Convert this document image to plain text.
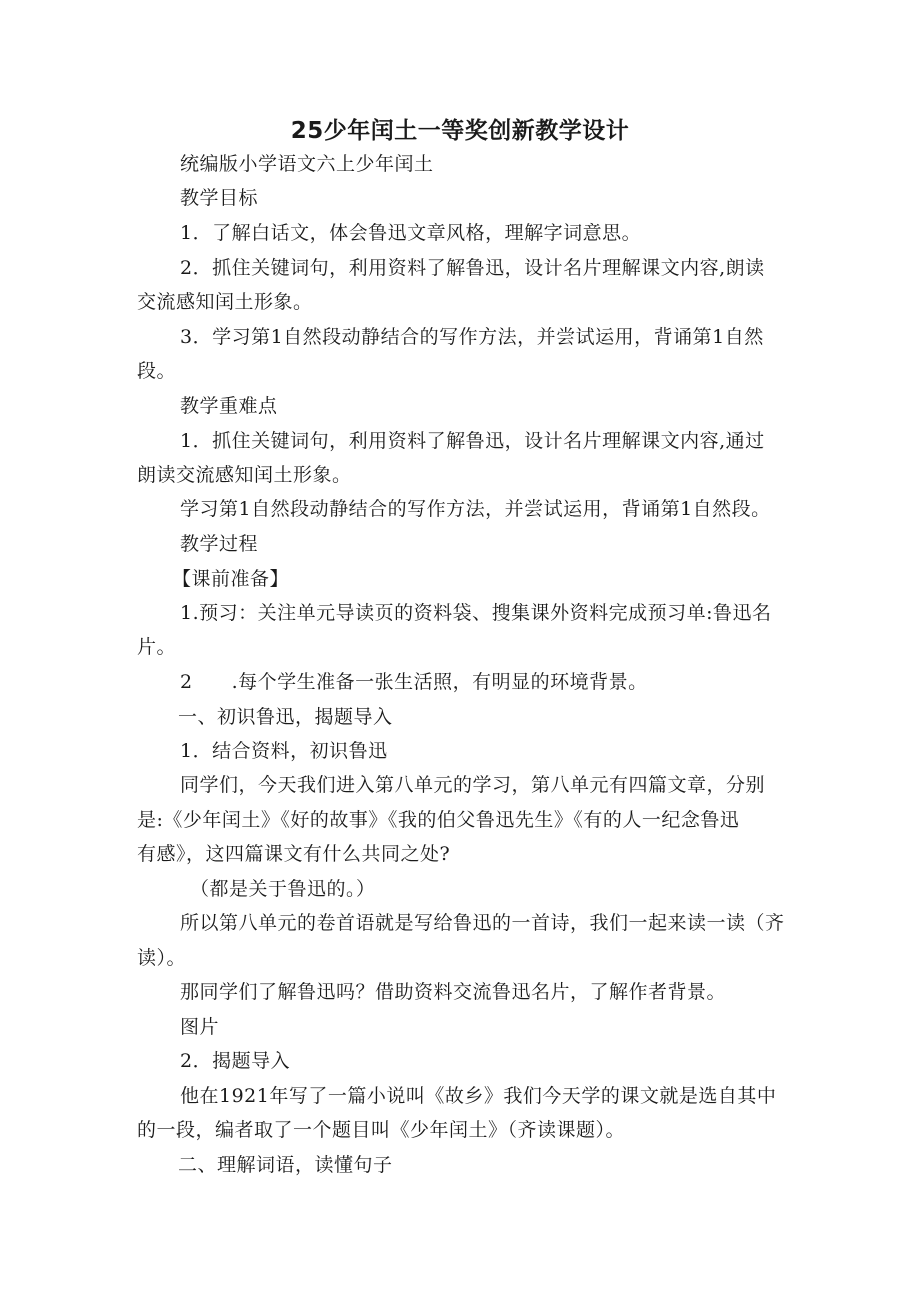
25少年闰土一等奖创新教学设计
统编版小学语文六上少年闰土
教学目标
1．了解白话文，体会鲁迅文章风格，理解字词意思。
2．抓住关键词句，利用资料了解鲁迅，设计名片理解课文内容,朗读
交流感知闰土形象。
3．学习第1自然段动静结合的写作方法，并尝试运用，背诵第1自然
段。
教学重难点
1．抓住关键词句，利用资料了解鲁迅，设计名片理解课文内容,通过
朗读交流感知闰土形象。
学习第1自然段动静结合的写作方法，并尝试运用，背诵第1自然段。
教学过程
【课前准备】
1.预习：关注单元导读页的资料袋、搜集课外资料完成预习单:鲁迅名
片。
2　　.每个学生准备一张生活照，有明显的环境背景。
一、初识鲁迅，揭题导入
1．结合资料，初识鲁迅
同学们，今天我们进入第八单元的学习，第八单元有四篇文章，分别
是:《少年闰土》《好的故事》《我的伯父鲁迅先生》《有的人一纪念鲁迅
有感》，这四篇课文有什么共同之处?
（都是关于鲁迅的。）
所以第八单元的卷首语就是写给鲁迅的一首诗，我们一起来读一读（齐
读）。
那同学们了解鲁迅吗？借助资料交流鲁迅名片，了解作者背景。
图片
2．揭题导入
他在1921年写了一篇小说叫《故乡》我们今天学的课文就是选自其中
的一段，编者取了一个题目叫《少年闰土》（齐读课题）。
二、理解词语，读懂句子
